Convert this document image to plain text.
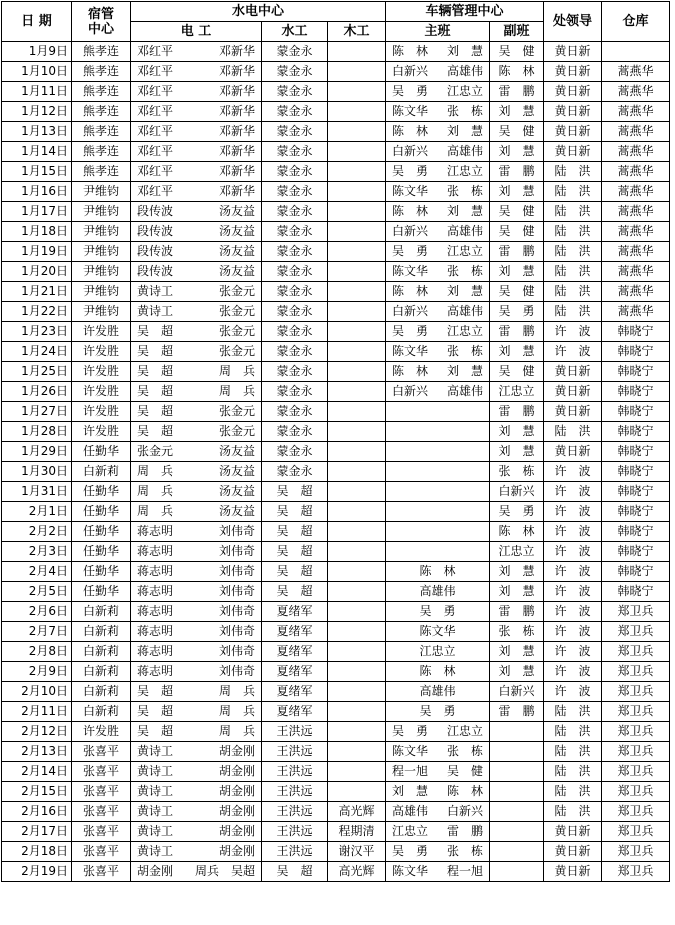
日 期	宿管
中心	水电中心			车辆管理中心		处领导	仓库
		电 工	水工	木工	主班	副班		
1月9日	熊孝连	邓红平 邓新华	蒙金永		陈　林 刘　慧	吴　健	黄日新	
1月10日	熊孝连	邓红平 邓新华	蒙金永		白新兴 高雄伟	陈　林	黄日新	蒿燕华
1月11日	熊孝连	邓红平 邓新华	蒙金永		吴　勇 江忠立	雷　鹏	黄日新	蒿燕华
1月12日	熊孝连	邓红平 邓新华	蒙金永		陈文华 张　栋	刘　慧	黄日新	蒿燕华
1月13日	熊孝连	邓红平 邓新华	蒙金永		陈　林 刘　慧	吴　健	黄日新	蒿燕华
1月14日	熊孝连	邓红平 邓新华	蒙金永		白新兴 高雄伟	刘　慧	黄日新	蒿燕华
1月15日	熊孝连	邓红平 邓新华	蒙金永		吴　勇 江忠立	雷　鹏	陆　洪	蒿燕华
1月16日	尹维钧	邓红平 邓新华	蒙金永		陈文华 张　栋	刘　慧	陆　洪	蒿燕华
1月17日	尹维钧	段传波 汤友益	蒙金永		陈　林 刘　慧	吴　健	陆　洪	蒿燕华
1月18日	尹维钧	段传波 汤友益	蒙金永		白新兴 高雄伟	吴　健	陆　洪	蒿燕华
1月19日	尹维钧	段传波 汤友益	蒙金永		吴　勇 江忠立	雷　鹏	陆　洪	蒿燕华
1月20日	尹维钧	段传波 汤友益	蒙金永		陈文华 张　栋	刘　慧	陆　洪	蒿燕华
1月21日	尹维钧	黄诗工 张金元	蒙金永		陈　林 刘　慧	吴　健	陆　洪	蒿燕华
1月22日	尹维钧	黄诗工 张金元	蒙金永		白新兴 高雄伟	吴　勇	陆　洪	蒿燕华
1月23日	许发胜	吴　超 张金元	蒙金永		吴　勇 江忠立	雷　鹏	许　波	韩晓宁
1月24日	许发胜	吴　超 张金元	蒙金永		陈文华 张　栋	刘　慧	许　波	韩晓宁
1月25日	许发胜	吴　超 周　兵	蒙金永		陈　林 刘　慧	吴　健	黄日新	韩晓宁
1月26日	许发胜	吴　超 周　兵	蒙金永		白新兴 高雄伟	江忠立	黄日新	韩晓宁
1月27日	许发胜	吴　超 张金元	蒙金永			雷　鹏	黄日新	韩晓宁
1月28日	许发胜	吴　超 张金元	蒙金永			刘　慧	陆　洪	韩晓宁
1月29日	任勤华	张金元 汤友益	蒙金永			刘　慧	黄日新	韩晓宁
1月30日	白新莉	周　兵 汤友益	蒙金永			张　栋	许　波	韩晓宁
1月31日	任勤华	周　兵 汤友益	吴　超			白新兴	许　波	韩晓宁
2月1日	任勤华	周　兵 汤友益	吴　超			吴　勇	许　波	韩晓宁
2月2日	任勤华	蒋志明 刘伟奇	吴　超			陈　林	许　波	韩晓宁
2月3日	任勤华	蒋志明 刘伟奇	吴　超			江忠立	许　波	韩晓宁
2月4日	任勤华	蒋志明 刘伟奇	吴　超		陈　林	刘　慧	许　波	韩晓宁
2月5日	任勤华	蒋志明 刘伟奇	吴　超		高雄伟	刘　慧	许　波	韩晓宁
2月6日	白新莉	蒋志明 刘伟奇	夏绪军		吴　勇	雷　鹏	许　波	郑卫兵
2月7日	白新莉	蒋志明 刘伟奇	夏绪军		陈文华	张　栋	许　波	郑卫兵
2月8日	白新莉	蒋志明 刘伟奇	夏绪军		江忠立	刘　慧	许　波	郑卫兵
2月9日	白新莉	蒋志明 刘伟奇	夏绪军		陈　林	刘　慧	许　波	郑卫兵
2月10日	白新莉	吴　超 周　兵	夏绪军		高雄伟	白新兴	许　波	郑卫兵
2月11日	白新莉	吴　超 周　兵	夏绪军		吴　勇	雷　鹏	陆　洪	郑卫兵
2月12日	许发胜	吴　超 周　兵	王洪远		吴　勇 江忠立		陆　洪	郑卫兵
2月13日	张喜平	黄诗工 胡金刚	王洪远		陈文华 张　栋		陆　洪	郑卫兵
2月14日	张喜平	黄诗工 胡金刚	王洪远		程一旭 吴　健		陆　洪	郑卫兵
2月15日	张喜平	黄诗工 胡金刚	王洪远		刘　慧 陈　林		陆　洪	郑卫兵
2月16日	张喜平	黄诗工 胡金刚	王洪远	高光辉	高雄伟 白新兴		陆　洪	郑卫兵
2月17日	张喜平	黄诗工 胡金刚	王洪远	程期清	江忠立 雷　鹏		黄日新	郑卫兵
2月18日	张喜平	黄诗工 胡金刚	王洪远	谢汉平	吴　勇 张　栋		黄日新	郑卫兵
2月19日	张喜平	胡金刚 周兵　吴超	吴　超	高光辉	陈文华 程一旭		黄日新	郑卫兵
